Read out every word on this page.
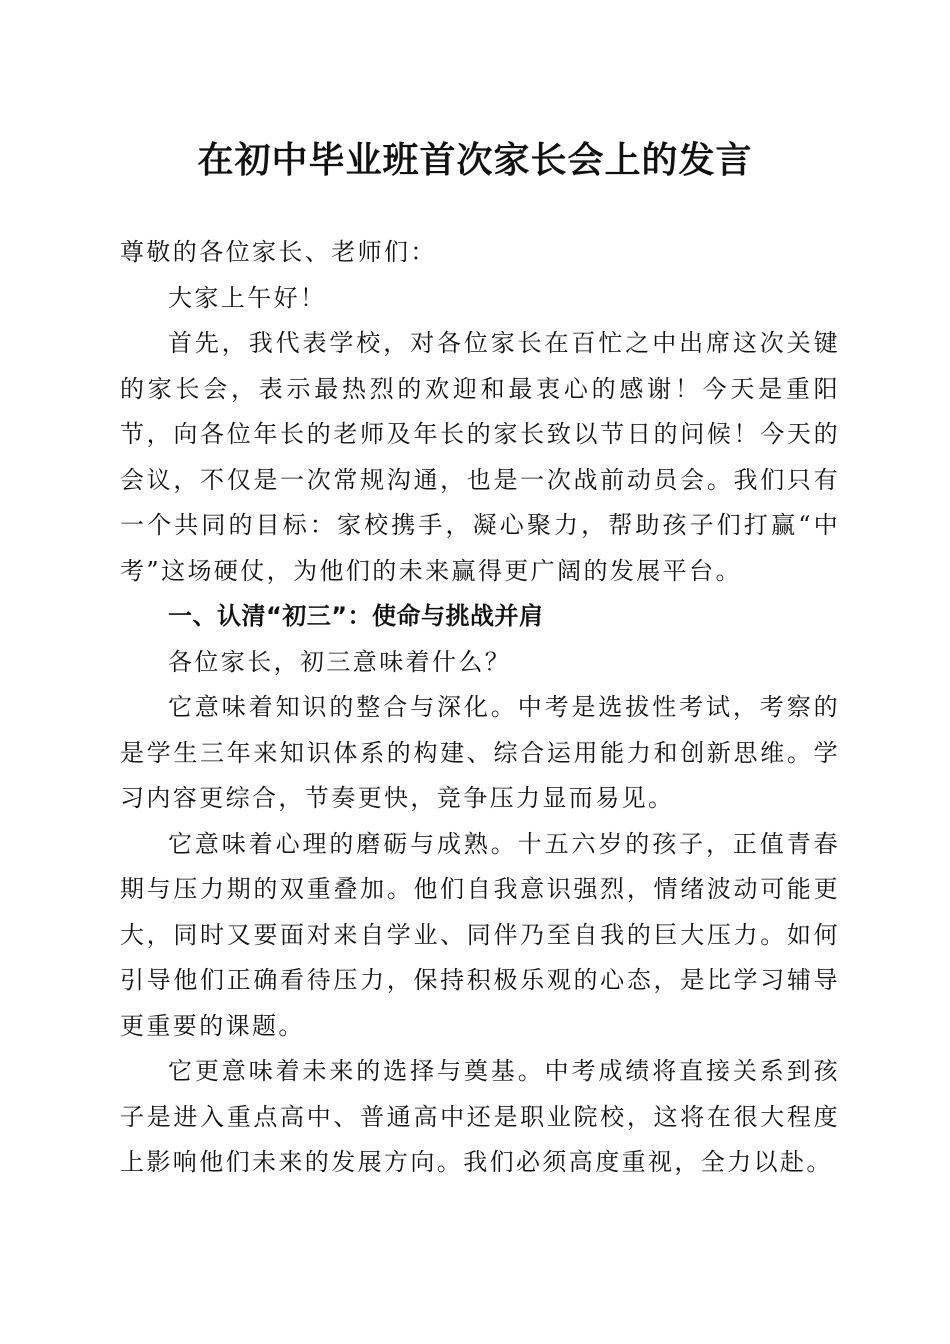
在初中毕业班首次家长会上的发言

尊敬的各位家长、老师们：

大家上午好！

首先，我代表学校，对各位家长在百忙之中出席这次关键的家长会，表示最热烈的欢迎和最衷心的感谢！今天是重阳节，向各位年长的老师及年长的家长致以节日的问候！今天的会议，不仅是一次常规沟通，也是一次战前动员会。我们只有一个共同的目标：家校携手，凝心聚力，帮助孩子们打赢“中考”这场硬仗，为他们的未来赢得更广阔的发展平台。

一、认清“初三”：使命与挑战并肩

各位家长，初三意味着什么？

它意味着知识的整合与深化。中考是选拔性考试，考察的是学生三年来知识体系的构建、综合运用能力和创新思维。学习内容更综合，节奏更快，竞争压力显而易见。

它意味着心理的磨砺与成熟。十五六岁的孩子，正值青春期与压力期的双重叠加。他们自我意识强烈，情绪波动可能更大，同时又要面对来自学业、同伴乃至自我的巨大压力。如何引导他们正确看待压力，保持积极乐观的心态，是比学习辅导更重要的课题。

它更意味着未来的选择与奠基。中考成绩将直接关系到孩子是进入重点高中、普通高中还是职业院校，这将在很大程度上影响他们未来的发展方向。我们必须高度重视，全力以赴。
